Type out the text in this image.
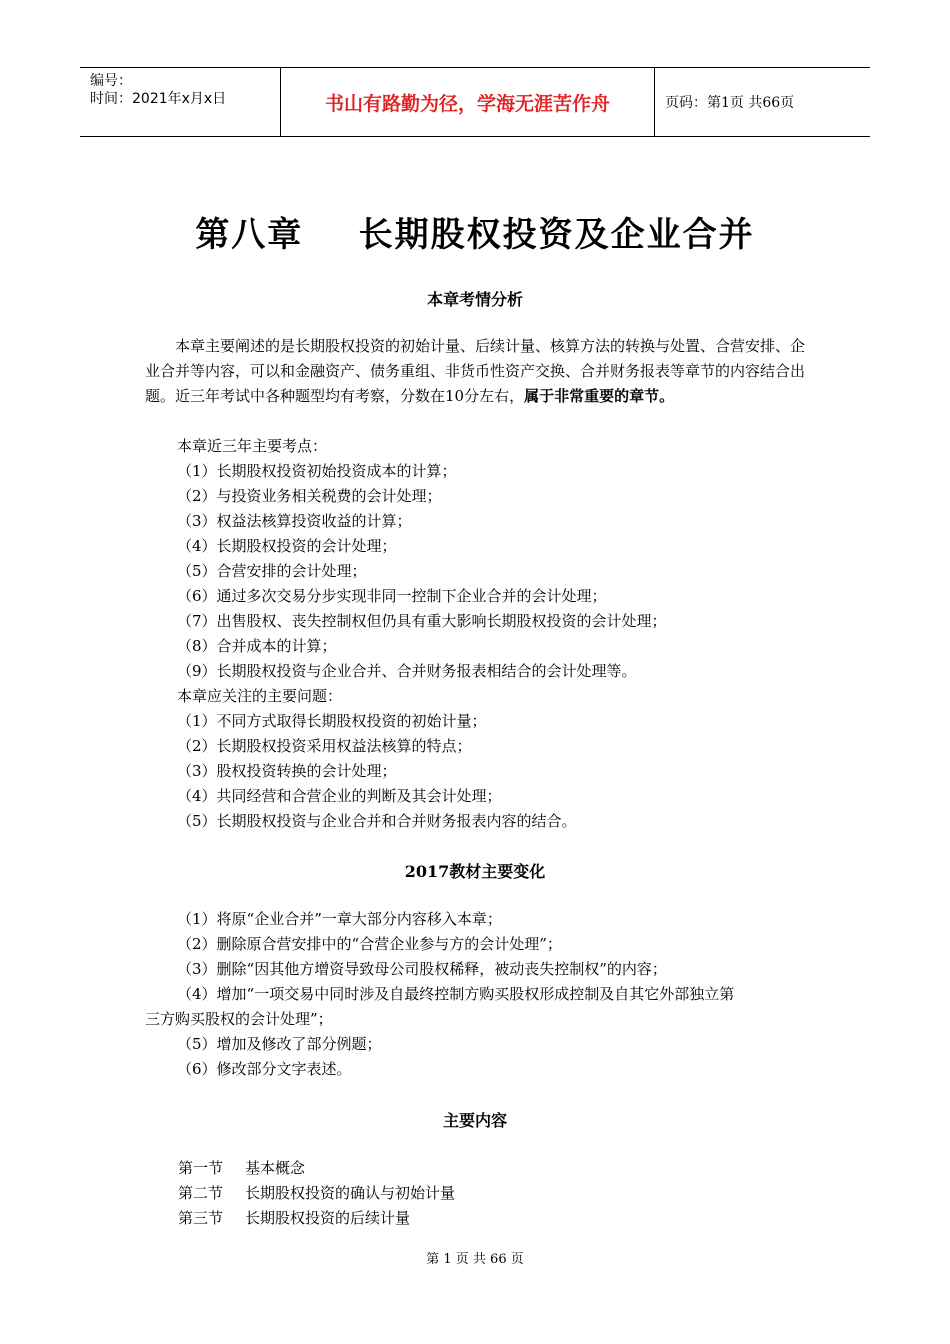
编号：
时间：2021年x月x日	书山有路勤为径，学海无涯苦作舟	页码：第1页 共66页
第八章    长期股权投资及企业合并
本章考情分析
本章主要阐述的是长期股权投资的初始计量、后续计量、核算方法的转换与处置、合营安排、企业合并等内容，可以和金融资产、债务重组、非货币性资产交换、合并财务报表等章节的内容结合出题。近三年考试中各种题型均有考察，分数在10分左右，属于非常重要的章节。
本章近三年主要考点：
（1）长期股权投资初始投资成本的计算；
（2）与投资业务相关税费的会计处理；
（3）权益法核算投资收益的计算；
（4）长期股权投资的会计处理；
（5）合营安排的会计处理；
（6）通过多次交易分步实现非同一控制下企业合并的会计处理；
（7）出售股权、丧失控制权但仍具有重大影响长期股权投资的会计处理；
（8）合并成本的计算；
（9）长期股权投资与企业合并、合并财务报表相结合的会计处理等。
本章应关注的主要问题：
（1）不同方式取得长期股权投资的初始计量；
（2）长期股权投资采用权益法核算的特点；
（3）股权投资转换的会计处理；
（4）共同经营和合营企业的判断及其会计处理；
（5）长期股权投资与企业合并和合并财务报表内容的结合。
2017教材主要变化
（1）将原“企业合并”一章大部分内容移入本章；
（2）删除原合营安排中的“合营企业参与方的会计处理”；
（3）删除“因其他方增资导致母公司股权稀释，被动丧失控制权”的内容；
（4）增加“一项交易中同时涉及自最终控制方购买股权形成控制及自其它外部独立第
三方购买股权的会计处理”；
（5）增加及修改了部分例题；
（6）修改部分文字表述。
主要内容
第一节 基本概念
第二节 长期股权投资的确认与初始计量
第三节 长期股权投资的后续计量
第 1 页 共 66 页
